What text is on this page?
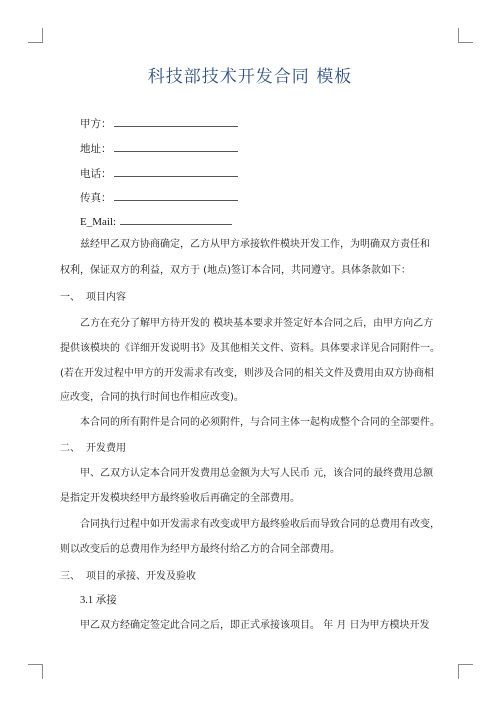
科技部技术开发合同 模板
甲方：
地址：
电话：
传真：
E_Mail:
兹经甲乙双方协商确定，乙方从甲方承接软件模块开发工作，为明确双方责任和
权利，保证双方的利益，双方于 (地点)签订本合同，共同遵守。具体条款如下：
一、 项目内容
乙方在充分了解甲方待开发的 模块基本要求并签定好本合同之后，由甲方向乙方
提供该模块的《详细开发说明书》及其他相关文件、资料。具体要求详见合同附件一。
(若在开发过程中甲方的开发需求有改变，则涉及合同的相关文件及费用由双方协商相
应改变，合同的执行时间也作相应改变)。
本合同的所有附件是合同的必须附件，与合同主体一起构成整个合同的全部要件。
二、 开发费用
甲、乙双方认定本合同开发费用总金额为大写人民币 元，该合同的最终费用总额
是指定开发模块经甲方最终验收后再确定的全部费用。
合同执行过程中如开发需求有改变或甲方最终验收后而导致合同的总费用有改变，
则以改变后的总费用作为经甲方最终付给乙方的合同全部费用。
三、 项目的承接、开发及验收
3.1 承接
甲乙双方经确定签定此合同之后，即正式承接该项目。 年 月 日为甲方模块开发
